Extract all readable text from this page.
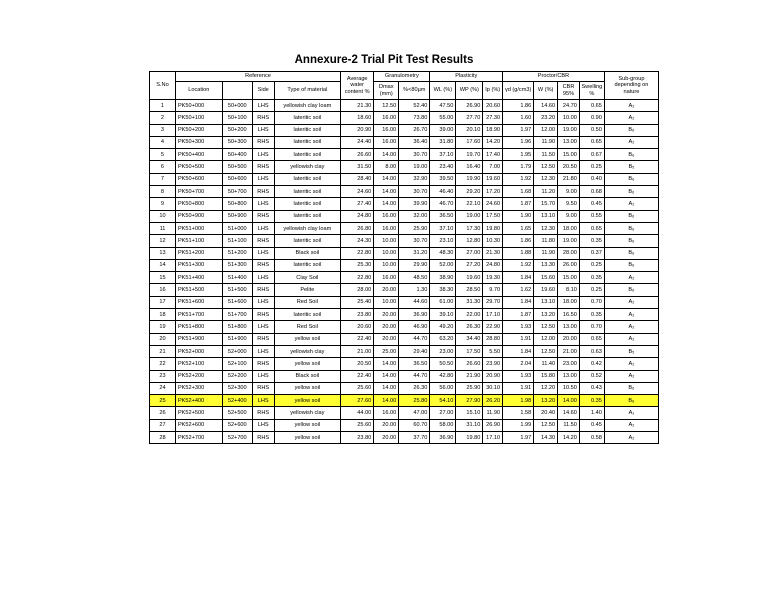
Annexure-2 Trial Pit Test Results
S.No	Reference				Average water content %	Granulometry		Plasticity			Proctor/CBR				Sub-group depending on nature
	Location		Side	Type of material		Dmax (mm)	%<80µm	WL (%)	WP (%)	Ip (%)	γd (g/cm3)	W (%)	CBR 95%	Swelling %	
1	PK50+000	50+000	LHS	yellowish clay loam	21.30	12.50	52.40	47.50	26.90	20.60	1.86	14.60	24.70	0.65	A₂
2	PK50+100	50+100	RHS	lateritic soil	18.60	16.00	73.80	55.00	27.70	27.30	1.60	23.20	10.00	0.90	A₂
3	PK50+200	50+200	LHS	lateritic soil	20.90	16.00	26.70	39.00	20.10	18.90	1.97	12.00	19.00	0.50	B₆
4	PK50+300	50+300	RHS	lateritic soil	24.40	16.00	36.40	31.80	17.60	14.20	1.96	11.90	13.00	0.65	A₂
5	PK50+400	50+400	LHS	lateritic soil	26.60	14.00	30.70	37.10	19.70	17.40	1.95	11.50	15.00	0.67	B₆
6	PK50+500	50+500	RHS	yellowish clay	31.50	8.00	19.00	23.40	16.40	7.00	1.79	12.50	20.50	0.25	B₅
7	PK50+600	50+600	LHS	lateritic soil	28.40	14.00	32.90	39.50	19.90	19.60	1.92	12.30	21.80	0.40	B₆
8	PK50+700	50+700	RHS	lateritic soil	24.60	14.00	30.70	46.40	29.20	17.20	1.68	11.20	9.00	0.68	B₆
9	PK50+800	50+800	LHS	lateritic soil	27.40	14.00	39.90	46.70	22.10	24.60	1.87	15.70	9.50	0.45	A₂
10	PK50+900	50+900	RHS	lateritic soil	24.80	16.00	32.00	36.50	19.00	17.50	1.90	13.10	9.00	0.55	B₆
11	PK51+000	51+000	LHS	yellowish clay loam	26.80	16.00	25.90	37.10	17.30	19.80	1.65	12.30	18.00	0.65	B₆
12	PK51+100	51+100	RHS	lateritic soil	24.30	10.00	30.70	23.10	12.80	10.30	1.86	11.80	19.00	0.35	B₆
13	PK51+200	51+200	LHS	Black soil	22.80	10.00	31.20	48.30	27.00	21.30	1.88	11.90	28.00	0.37	B₆
14	PK51+300	51+300	RHS	lateritic soil	25.30	10.00	29.90	52.00	27.20	24.80	1.92	13.30	26.00	0.25	B₆
15	PK51+400	51+400	LHS	Clay Soil	22.80	16.00	48.50	38.90	19.60	19.30	1.84	15.60	15.00	0.35	A₂
16	PK51+500	51+500	RHS	Pelite	28.00	20.00	1.30	38.30	28.50	9.70	1.62	19.60	8.10	0.25	B₆
17	PK51+600	51+600	LHS	Red Soil	25.40	10.00	44.60	61.00	31.30	29.70	1.84	13.10	18.00	0.70	A₂
18	PK51+700	51+700	RHS	lateritic soil	23.80	20.00	36.90	39.10	22.00	17.10	1.87	13.20	16.50	0.35	A₂
19	PK51+800	51+800	LHS	Red Soil	20.60	20.00	46.90	49.20	26.30	22.90	1.93	12.50	13.00	0.70	A₂
20	PK51+900	51+900	RHS	yellow soil	22.40	20.00	44.70	63.20	34.40	28.80	1.91	12.00	20.00	0.65	A₂
21	PK52+000	52+000	LHS	yellowish clay	21.00	25.00	29.40	23.00	17.50	5.50	1.84	12.50	21.00	0.63	B₅
22	PK52+100	52+100	RHS	yellow soil	20.50	14.00	36.50	50.50	26.60	23.90	2.04	11.40	23.00	0.42	A₂
23	PK52+200	52+200	LHS	Black soil	22.40	14.00	44.70	42.80	21.90	20.90	1.93	15.80	13.00	0.52	A₂
24	PK52+300	52+300	RHS	yellow soil	25.60	14.00	26.30	56.00	25.90	30.10	1.91	12.20	10.50	0.43	B₆
25	PK52+400	52+400	LHS	yellow soil	27.60	14.00	25.80	54.10	27.90	26.20	1.98	13.20	14.00	0.35	B₆
26	PK52+500	52+500	RHS	yellowish clay	44.00	16.00	47.00	27.00	15.10	11.90	1.58	20.40	14.60	1.40	A₁
27	PK52+600	52+600	LHS	yellow soil	25.60	20.00	60.70	58.00	31.10	26.90	1.99	12.50	11.50	0.45	A₂
28	PK52+700	52+700	RHS	yellow soil	23.80	20.00	37.70	36.90	19.80	17.10	1.97	14.30	14.20	0.58	A₂
